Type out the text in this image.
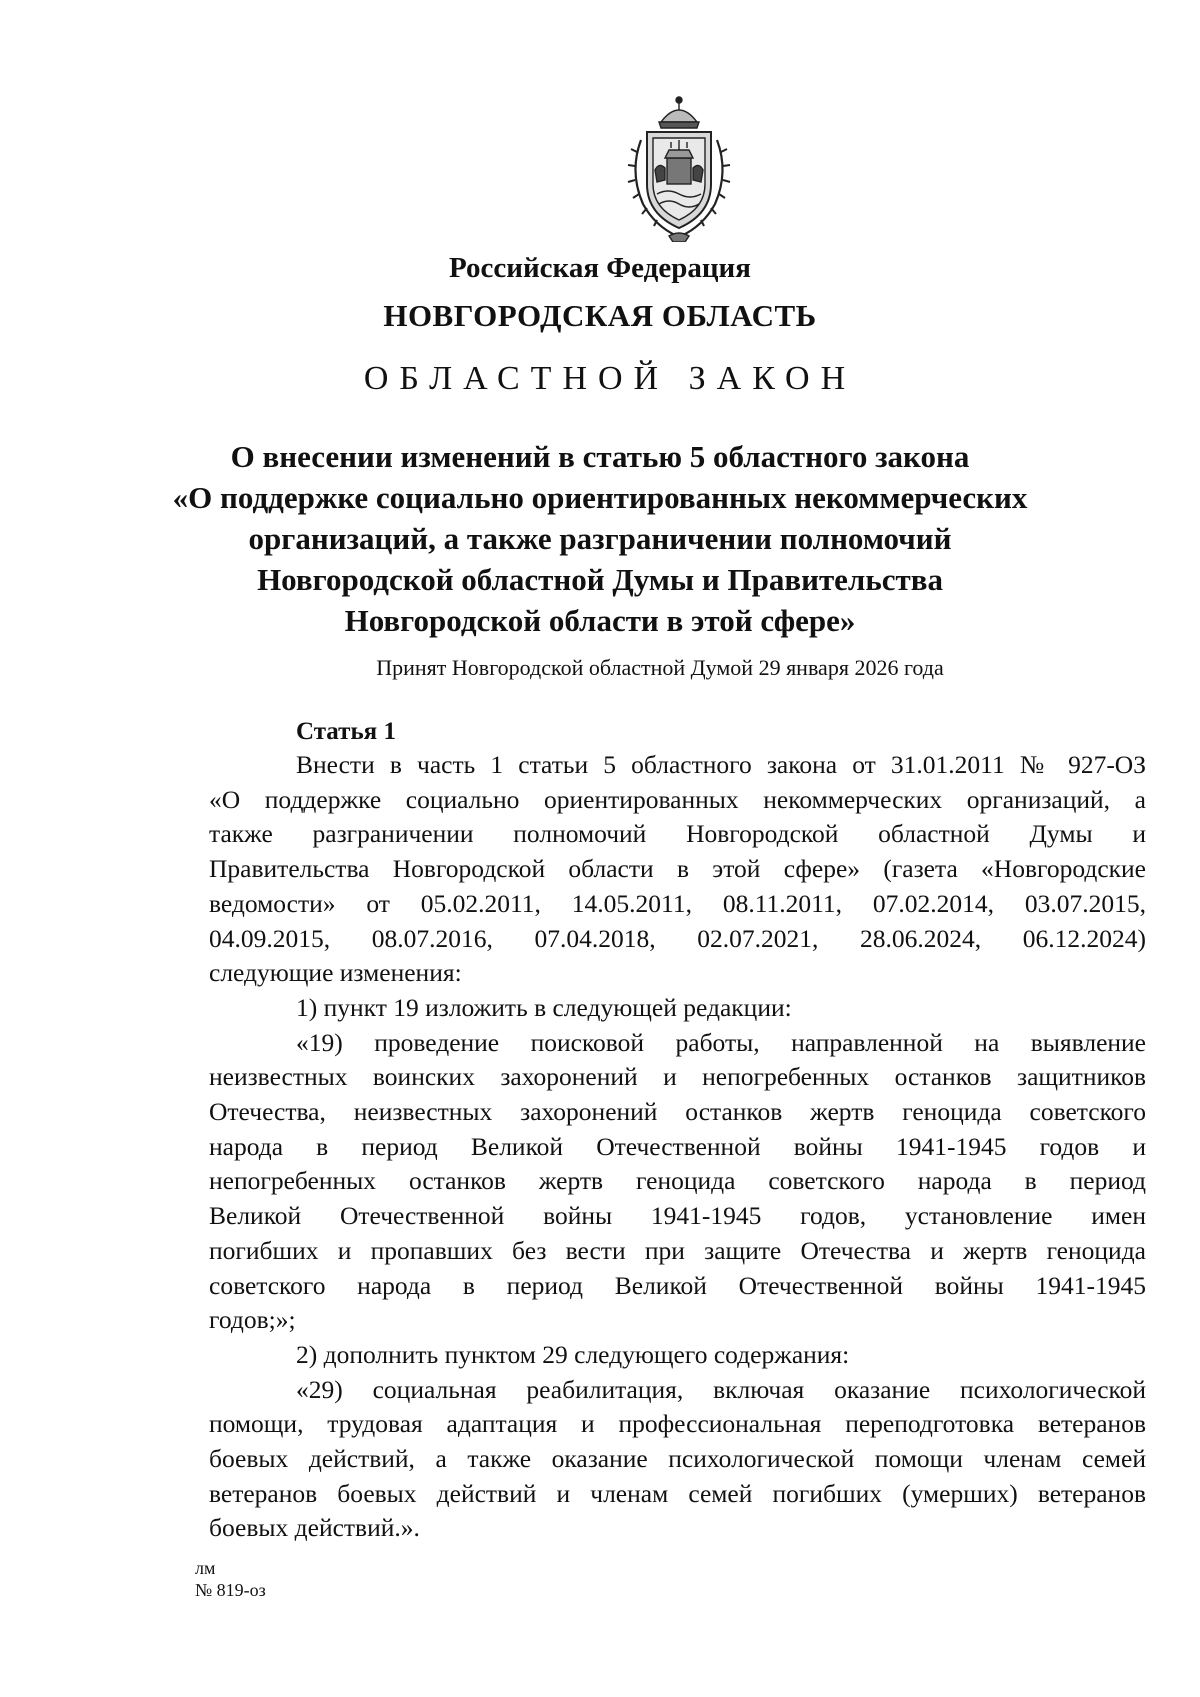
Российская Федерация
НОВГОРОДСКАЯ ОБЛАСТЬ
ОБЛАСТНОЙ ЗАКОН
О внесении изменений в статью 5 областного закона
«О поддержке социально ориентированных некоммерческих
организаций, а также разграничении полномочий
Новгородской областной Думы и Правительства
Новгородской области в этой сфере»
Принят Новгородской областной Думой 29 января 2026 года
Статья 1
Внести в часть 1 статьи 5 областного закона от 31.01.2011 № 927-ОЗ
«О поддержке социально ориентированных некоммерческих организаций, а
также разграничении полномочий Новгородской областной Думы и
Правительства Новгородской области в этой сфере» (газета «Новгородские
ведомости» от 05.02.2011, 14.05.2011, 08.11.2011, 07.02.2014, 03.07.2015,
04.09.2015, 08.07.2016, 07.04.2018, 02.07.2021, 28.06.2024, 06.12.2024)
следующие изменения:
1) пункт 19 изложить в следующей редакции:
«19) проведение поисковой работы, направленной на выявление
неизвестных воинских захоронений и непогребенных останков защитников
Отечества, неизвестных захоронений останков жертв геноцида советского
народа в период Великой Отечественной войны 1941-1945 годов и
непогребенных останков жертв геноцида советского народа в период
Великой Отечественной войны 1941-1945 годов, установление имен
погибших и пропавших без вести при защите Отечества и жертв геноцида
советского народа в период Великой Отечественной войны 1941-1945
годов;»;
2) дополнить пунктом 29 следующего содержания:
«29) социальная реабилитация, включая оказание психологической
помощи, трудовая адаптация и профессиональная переподготовка ветеранов
боевых действий, а также оказание психологической помощи членам семей
ветеранов боевых действий и членам семей погибших (умерших) ветеранов
боевых действий.».
лм
№ 819-оз
